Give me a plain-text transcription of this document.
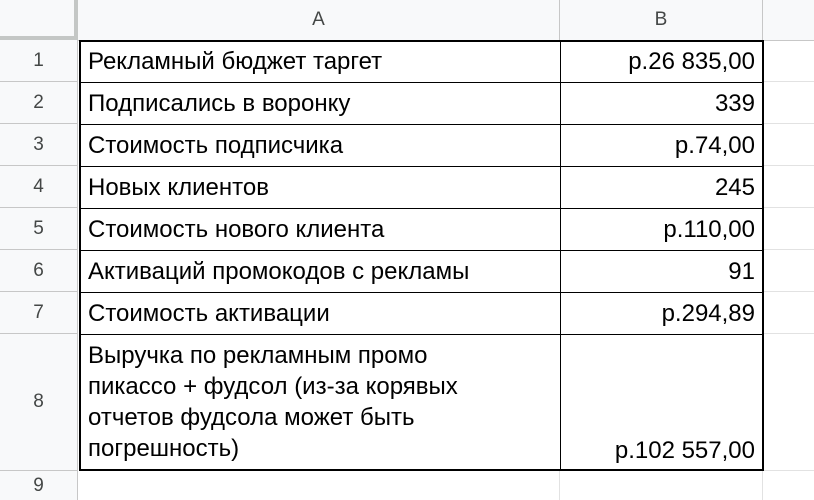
A	B
1
2
3
4
5
6
7
8
9
Рекламный бюджет таргет	р.26 835,00
Подписались в воронку	339
Стоимость подписчика	р.74,00
Новых клиентов	245
Стоимость нового клиента	р.110,00
Активаций промокодов с рекламы	91
Стоимость активации	р.294,89
Выручка по рекламным промо пикассо + фудсол (из-за корявых отчетов фудсола может быть погрешность)	р.102 557,00
